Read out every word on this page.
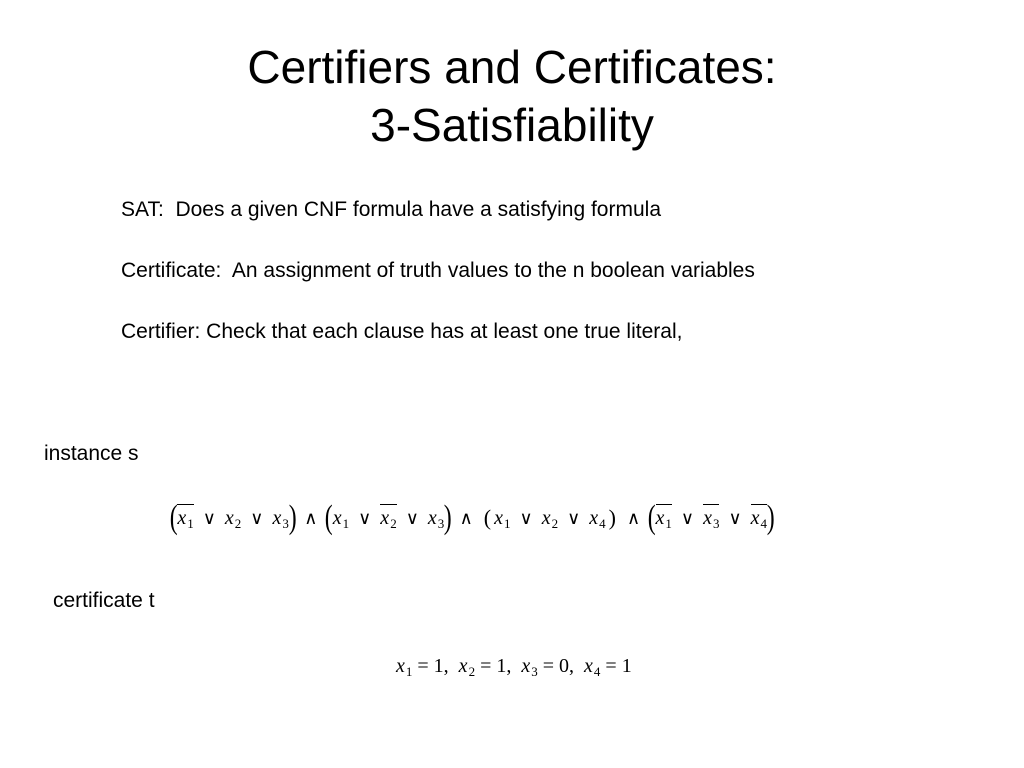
Certifiers and Certificates:
3-Satisfiability
SAT:  Does a given CNF formula have a satisfying formula
Certificate:  An assignment of truth values to the n boolean variables
Certifier: Check that each clause has at least one true literal,
instance s
( $x_1$ ∨ $x_2$ ∨ $x_3$ ) ∧ ( $x_1$ ∨ $x_2$ ∨ $x_3$ ) ∧ ( $x_1$ ∨ $x_2$ ∨ $x_4$ ) ∧ ( $x_1$ ∨ $x_3$ ∨ $x_4$ )
certificate t
$x_1 = 1$ , $x_2 = 1$ , $x_3 = 0$ , $x_4 = 1$
